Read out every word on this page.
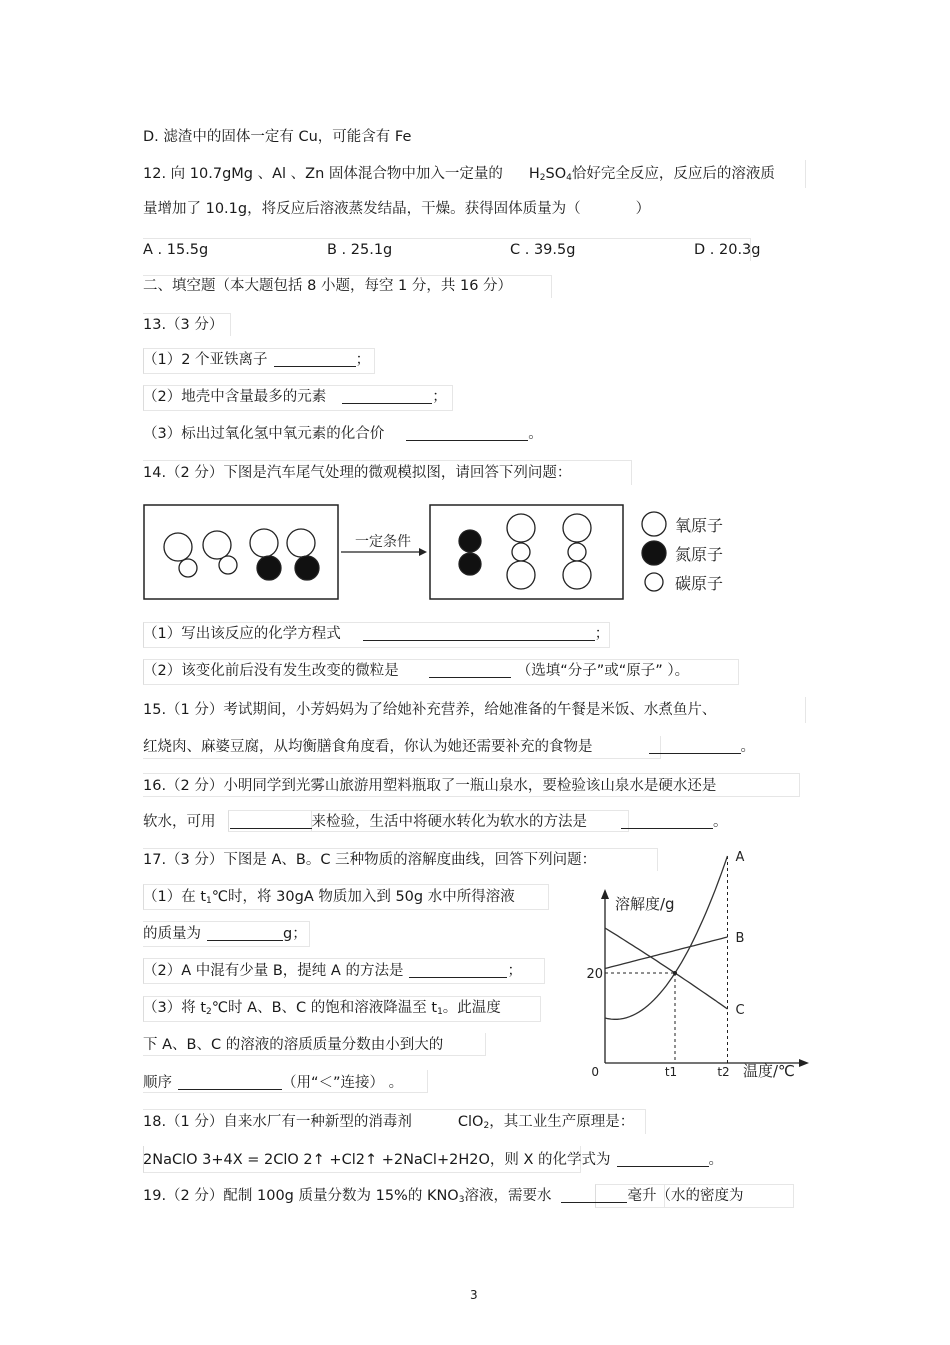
D. 滤渣中的固体一定有 Cu，可能含有 Fe
12. 向 10.7gMg 、Al 、Zn 固体混合物中加入一定量的 $H_2SO_4$恰好完全反应，反应后的溶液质
量增加了 10.1g，将反应后溶液蒸发结晶，干燥。获得固体质量为（	）
A . 15.5g	B . 25.1g	C . 39.5g	D . 20.3g
二、填空题（本大题包括 8 小题，每空 1 分，共 16 分）
13.（3 分）
（1）2 个亚铁离子	；
（2）地壳中含量最多的元素	；
（3）标出过氧化氢中氧元素的化合价	。
14.（2 分）下图是汽车尾气处理的微观模拟图，请回答下列问题：
一定条件
氧原子
氮原子
碳原子
（1）写出该反应的化学方程式	；
（2）该变化前后没有发生改变的微粒是	（选填“分子”或“原子” ）。
15.（1 分）考试期间，小芳妈妈为了给她补充营养，给她准备的午餐是米饭、水煮鱼片、
红烧肉、麻婆豆腐，从均衡膳食角度看，你认为她还需要补充的食物是	。
16.（2 分）小明同学到光雾山旅游用塑料瓶取了一瓶山泉水，要检验该山泉水是硬水还是
软水，可用	来检验，生活中将硬水转化为软水的方法是	。
17.（3 分）下图是 A、B。C 三种物质的溶解度曲线，回答下列问题：
（1）在 $t_1℃$时，将 30gA 物质加入到 50g 水中所得溶液
的质量为	g；
（2）A 中混有少量 B，提纯 A 的方法是	；
（3）将 $t_2℃$时 A、B、C 的饱和溶液降温至 $t_1$。此温度
下 A、B、C 的溶液的溶质质量分数由小到大的
顺序	（用“＜”连接） 。
溶解度/g
温度/℃
A
B
C
0	t1	t2
20
18.（1 分）自来水厂有一种新型的消毒剂	ClO$_2$，其工业生产原理是：
2NaClO 3+4X = 2ClO 2↑ +Cl2↑ +2NaCl+2H2O，则 X 的化学式为	。
19.（2 分）配制 100g 质量分数为 15%的 $KNO_3$溶液，需要水	毫升（水的密度为
3
